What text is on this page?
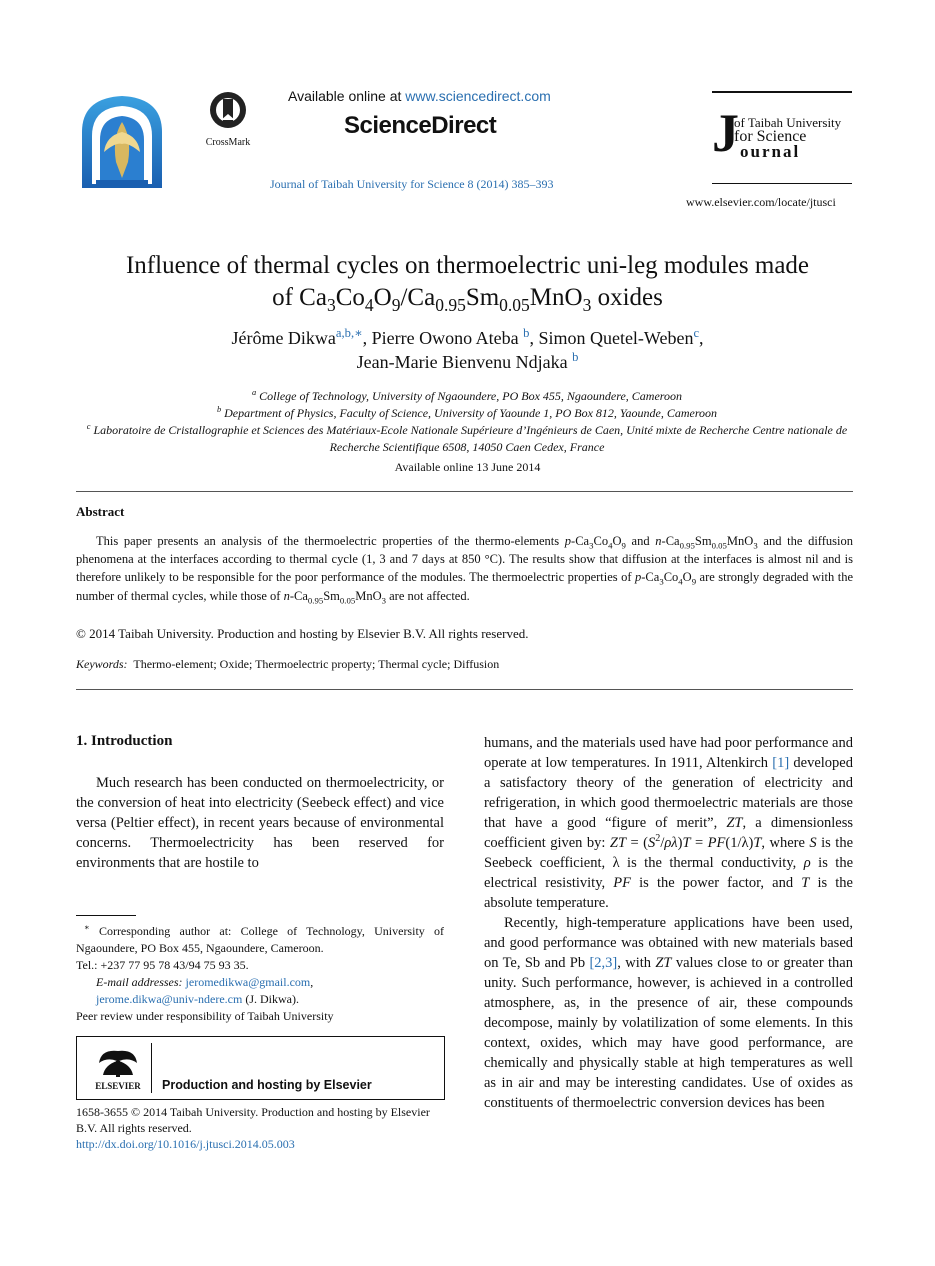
CrossMark
Available online at www.sciencedirect.com
ScienceDirect
Journal of Taibah University for Science 8 (2014) 385–393
J
of Taibah University
for Science
ournal
www.elsevier.com/locate/jtusci
Influence of thermal cycles on thermoelectric uni-leg modules made
of $Ca_3Co_4O_9/Ca_{0.95}Sm_{0.05}MnO_3$ oxides
Jérôme Dikwa$^{a,b,∗}$, Pierre Owono Ateba $^b$, Simon Quetel-Weben$^c$,
Jean-Marie Bienvenu Ndjaka $^b$
$^a$ College of Technology, University of Ngaoundere, PO Box 455, Ngaoundere, Cameroon
$^b$ Department of Physics, Faculty of Science, University of Yaounde 1, PO Box 812, Yaounde, Cameroon
$^c$ Laboratoire de Cristallographie et Sciences des Matériaux-Ecole Nationale Supérieure d’Ingénieurs de Caen, Unité mixte de Recherche Centre nationale de Recherche Scientifique 6508, 14050 Caen Cedex, France
Available online 13 June 2014
Abstract
This paper presents an analysis of the thermoelectric properties of the thermo-elements $p-Ca_3Co_4O_9$ and $n-Ca_{0.95}Sm_{0.05}MnO_3$ and the diffusion phenomena at the interfaces according to thermal cycle (1, 3 and 7 days at 850 °C). The results show that diffusion at the interfaces is almost nil and is therefore unlikely to be responsible for the poor performance of the modules. The thermoelectric properties of $p-Ca_3Co_4O_9$ are strongly degraded with the number of thermal cycles, while those of $n-Ca_{0.95}Sm_{0.05}MnO_3$ are not affected.
© 2014 Taibah University. Production and hosting by Elsevier B.V. All rights reserved.
Keywords: Thermo-element; Oxide; Thermoelectric property; Thermal cycle; Diffusion
1. Introduction
Much research has been conducted on thermoelectricity, or the conversion of heat into electricity (Seebeck effect) and vice versa (Peltier effect), in recent years because of environmental concerns. Thermoelectricity has been reserved for environments that are hostile to

∗ Corresponding author at: College of Technology, University of Ngaoundere, PO Box 455, Ngaoundere, Cameroon.

Tel.: +237 77 95 78 43/94 75 93 35.

E-mail addresses: jeromedikwa@gmail.com,

jerome.dikwa@univ-ndere.cm (J. Dikwa).

Peer review under responsibility of Taibah University

ELSEVIER Production and hosting by Elsevier
1658-3655 © 2014 Taibah University. Production and hosting by Elsevier B.V. All rights reserved.
http://dx.doi.org/10.1016/j.jtusci.2014.05.003

humans, and the materials used have had poor performance and operate at low temperatures. In 1911, Altenkirch [1] developed a satisfactory theory of the generation of electricity and refrigeration, in which good thermoelectric materials are those that have a good “figure of merit”, ZT, a dimensionless coefficient given by: ZT = $(S^2/\rho\lambda)T = PF(1/\lambda)T$, where S is the Seebeck coefficient, λ is the thermal conductivity, ρ is the electrical resistivity, PF is the power factor, and T is the absolute temperature.

Recently, high-temperature applications have been used, and good performance was obtained with new materials based on Te, Sb and Pb [2,3], with ZT values close to or greater than unity. Such performance, however, is achieved in a controlled atmosphere, as, in the presence of air, these compounds decompose, mainly by volatilization of some elements. In this context, oxides, which may have good performance, are chemically and physically stable at high temperatures as well as in air and may be interesting candidates. Use of oxides as constituents of thermoelectric conversion devices has been
